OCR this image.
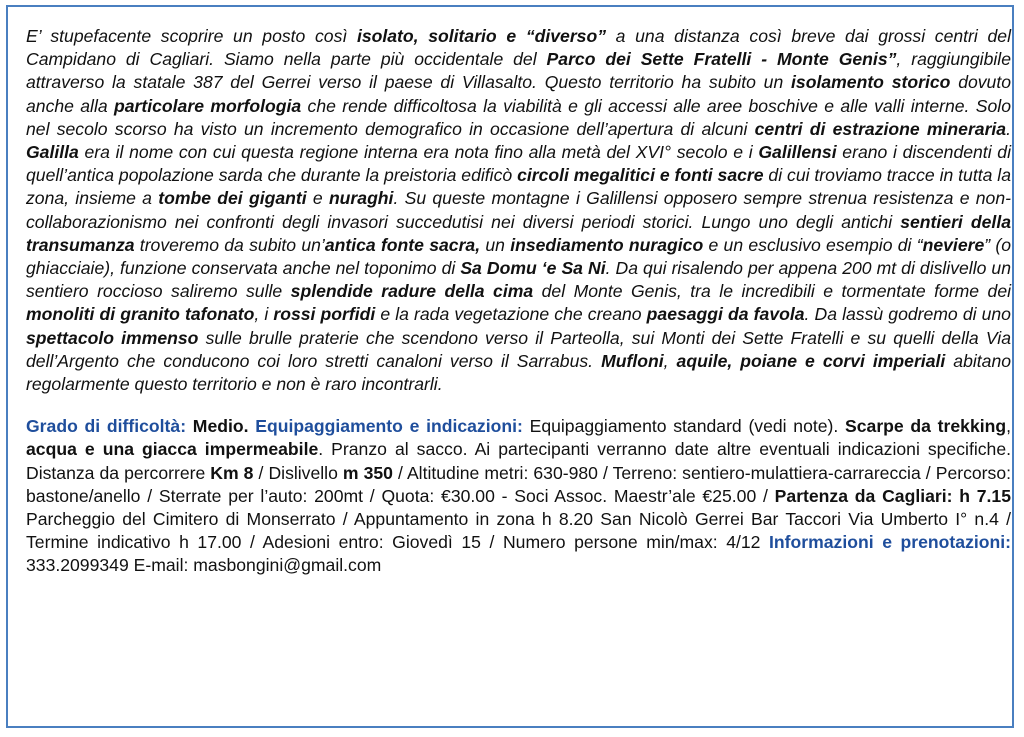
E’ stupefacente scoprire un posto così isolato, solitario e “diverso” a una distanza così breve dai grossi centri del Campidano di Cagliari. Siamo nella parte più occidentale del Parco dei Sette Fratelli - Monte Genis”, raggiungibile attraverso la statale 387 del Gerrei verso il paese di Villasalto. Questo territorio ha subito un isolamento storico dovuto anche alla particolare morfologia che rende difficoltosa la viabilità e gli accessi alle aree boschive e alle valli interne. Solo nel secolo scorso ha visto un incremento demografico in occasione dell’apertura di alcuni centri di estrazione mineraria. Galilla era il nome con cui questa regione interna era nota fino alla metà del XVI° secolo e i Galillensi erano i discendenti di quell’antica popolazione sarda che durante la preistoria edificò circoli megalitici e fonti sacre di cui troviamo tracce in tutta la zona, insieme a tombe dei giganti e nuraghi. Su queste montagne i Galillensi opposero sempre strenua resistenza e non-collaborazionismo nei confronti degli invasori succedutisi nei diversi periodi storici. Lungo uno degli antichi sentieri della transumanza troveremo da subito un’antica fonte sacra, un insediamento nuragico e un esclusivo esempio di “neviere” (o ghiacciaie), funzione conservata anche nel toponimo di Sa Domu ‘e Sa Ni. Da qui risalendo per appena 200 mt di dislivello un sentiero roccioso saliremo sulle splendide radure della cima del Monte Genis, tra le incredibili e tormentate forme dei monoliti di granito tafonato, i rossi porfidi e la rada vegetazione che creano paesaggi da favola. Da lassù godremo di uno spettacolo immenso sulle brulle praterie che scendono verso il Parteolla, sui Monti dei Sette Fratelli e su quelli della Via dell’Argento che conducono coi loro stretti canaloni verso il Sarrabus. Mufloni, aquile, poiane e corvi imperiali abitano regolarmente questo territorio e non è raro incontrarli.

Grado di difficoltà: Medio. Equipaggiamento e indicazioni: Equipaggiamento standard (vedi note). Scarpe da trekking, acqua e una giacca impermeabile. Pranzo al sacco. Ai partecipanti verranno date altre eventuali indicazioni specifiche. Distanza da percorrere Km 8 / Dislivello m 350 / Altitudine metri: 630-980 / Terreno: sentiero-mulattiera-carrareccia / Percorso: bastone/anello / Sterrate per l’auto: 200mt / Quota: €30.00 - Soci Assoc. Maestr’ale €25.00 / Partenza da Cagliari: h 7.15 Parcheggio del Cimitero di Monserrato / Appuntamento in zona h 8.20 San Nicolò Gerrei Bar Taccori Via Umberto I° n.4 / Termine indicativo h 17.00 / Adesioni entro: Giovedì 15 / Numero persone min/max: 4/12 Informazioni e prenotazioni: 333.2099349 E-mail: masbongini@gmail.com
